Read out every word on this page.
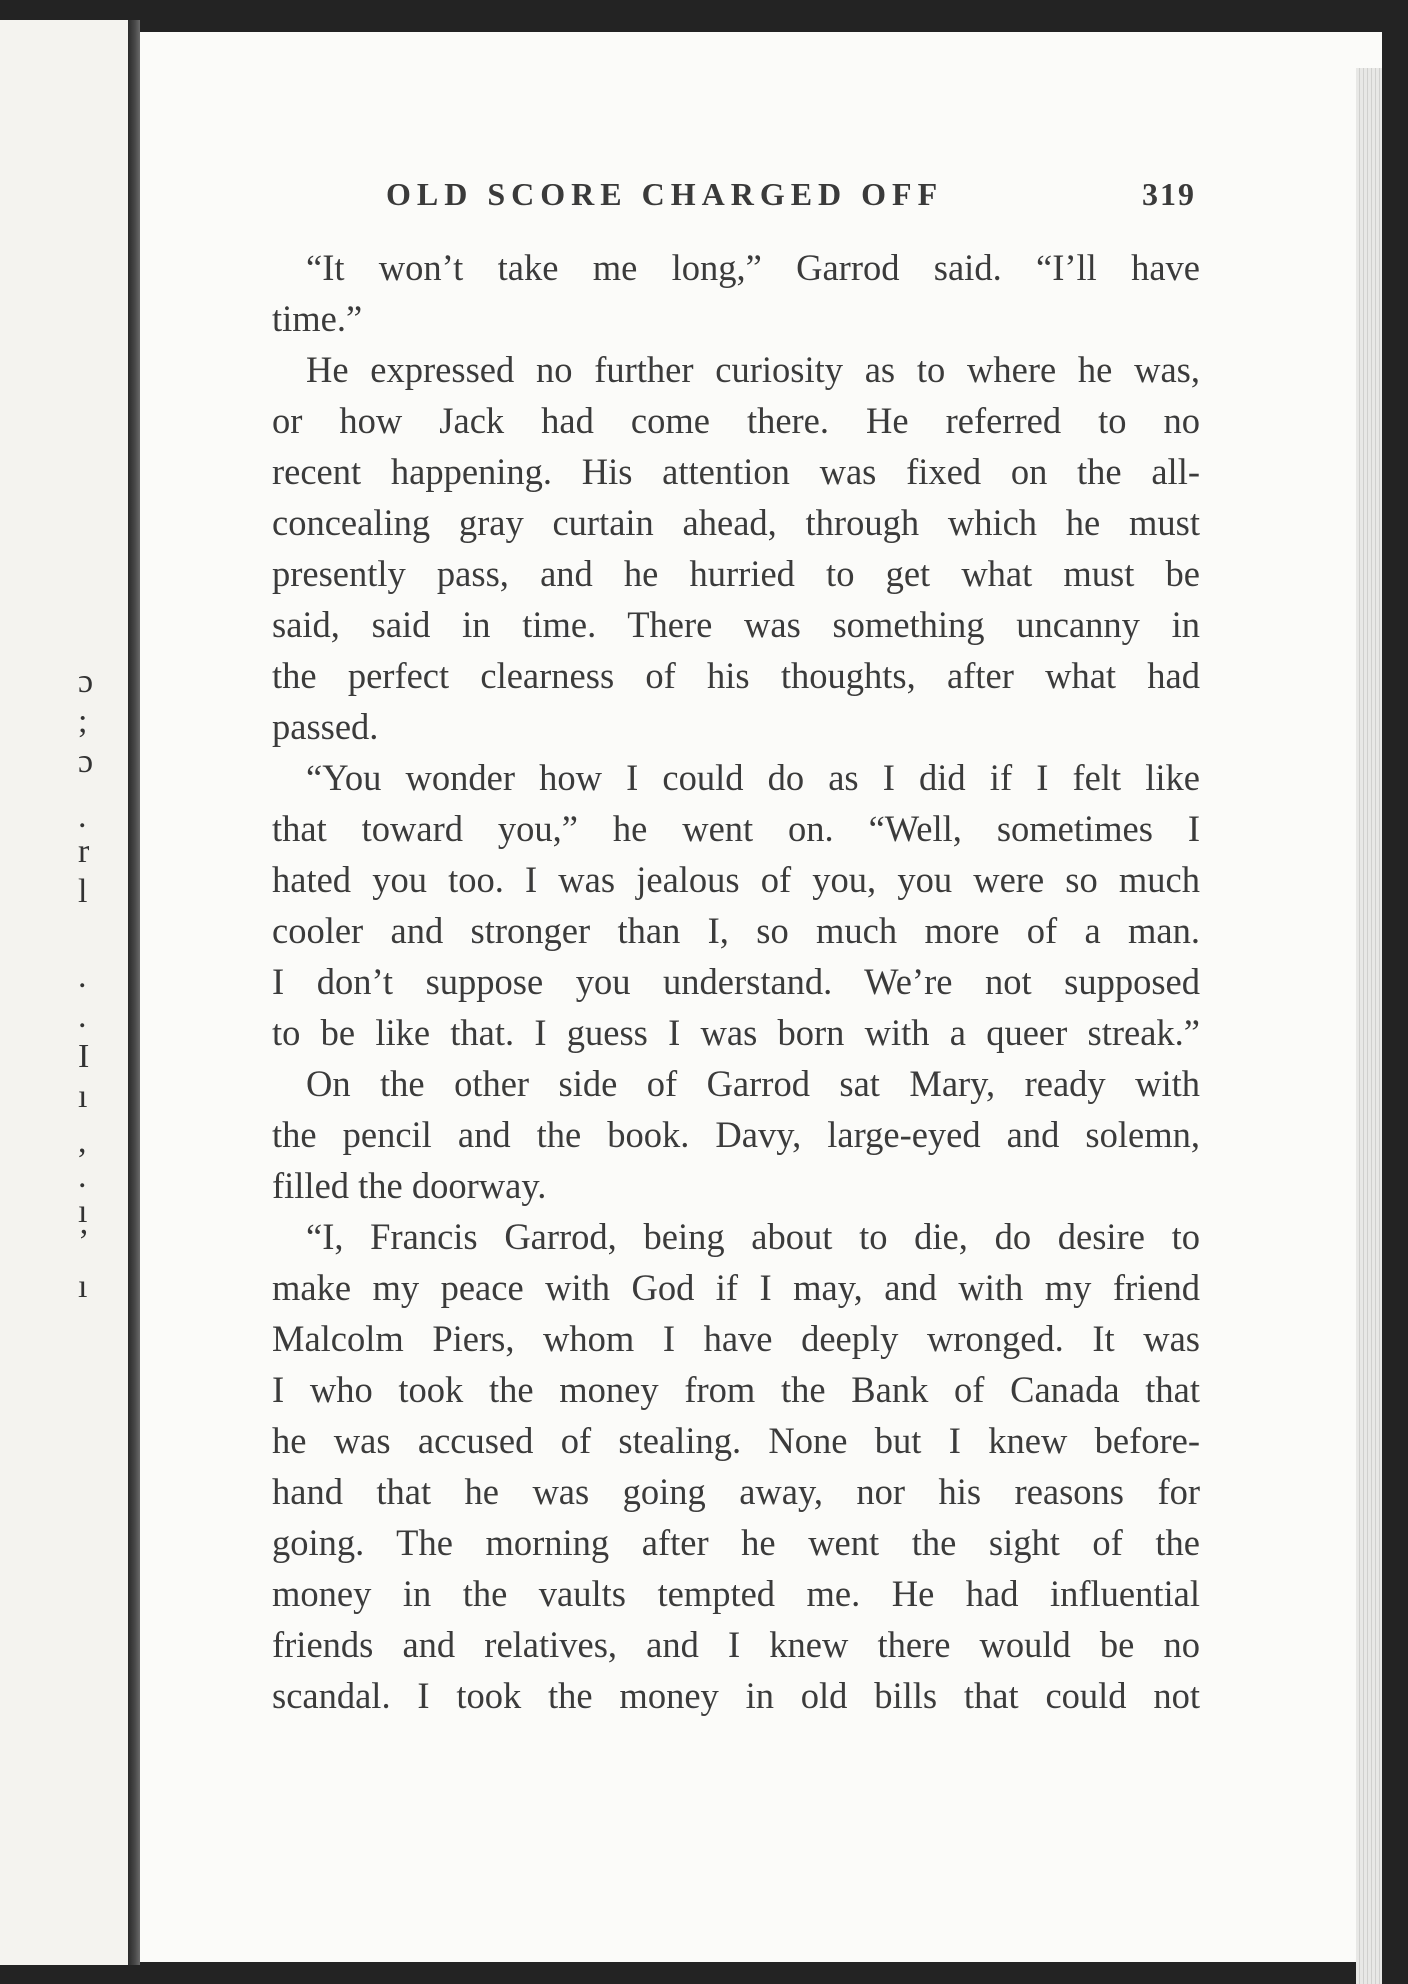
ɔ
;
ɔ
.
r
l
.
.
I
ı
,
.
ı
’
ı
OLD SCORE CHARGED OFF	319
“It won’t take me long,” Garrod said. “I’ll have
time.”
He expressed no further curiosity as to where he was,
or how Jack had come there. He referred to no
recent happening. His attention was fixed on the all-
concealing gray curtain ahead, through which he must
presently pass, and he hurried to get what must be
said, said in time. There was something uncanny in
the perfect clearness of his thoughts, after what had
passed.
“You wonder how I could do as I did if I felt like
that toward you,” he went on. “Well, sometimes I
hated you too. I was jealous of you, you were so much
cooler and stronger than I, so much more of a man.
I don’t suppose you understand. We’re not supposed
to be like that. I guess I was born with a queer streak.”
On the other side of Garrod sat Mary, ready with
the pencil and the book. Davy, large-eyed and solemn,
filled the doorway.
“I, Francis Garrod, being about to die, do desire to
make my peace with God if I may, and with my friend
Malcolm Piers, whom I have deeply wronged. It was
I who took the money from the Bank of Canada that
he was accused of stealing. None but I knew before-
hand that he was going away, nor his reasons for
going. The morning after he went the sight of the
money in the vaults tempted me. He had influential
friends and relatives, and I knew there would be no
scandal. I took the money in old bills that could not
